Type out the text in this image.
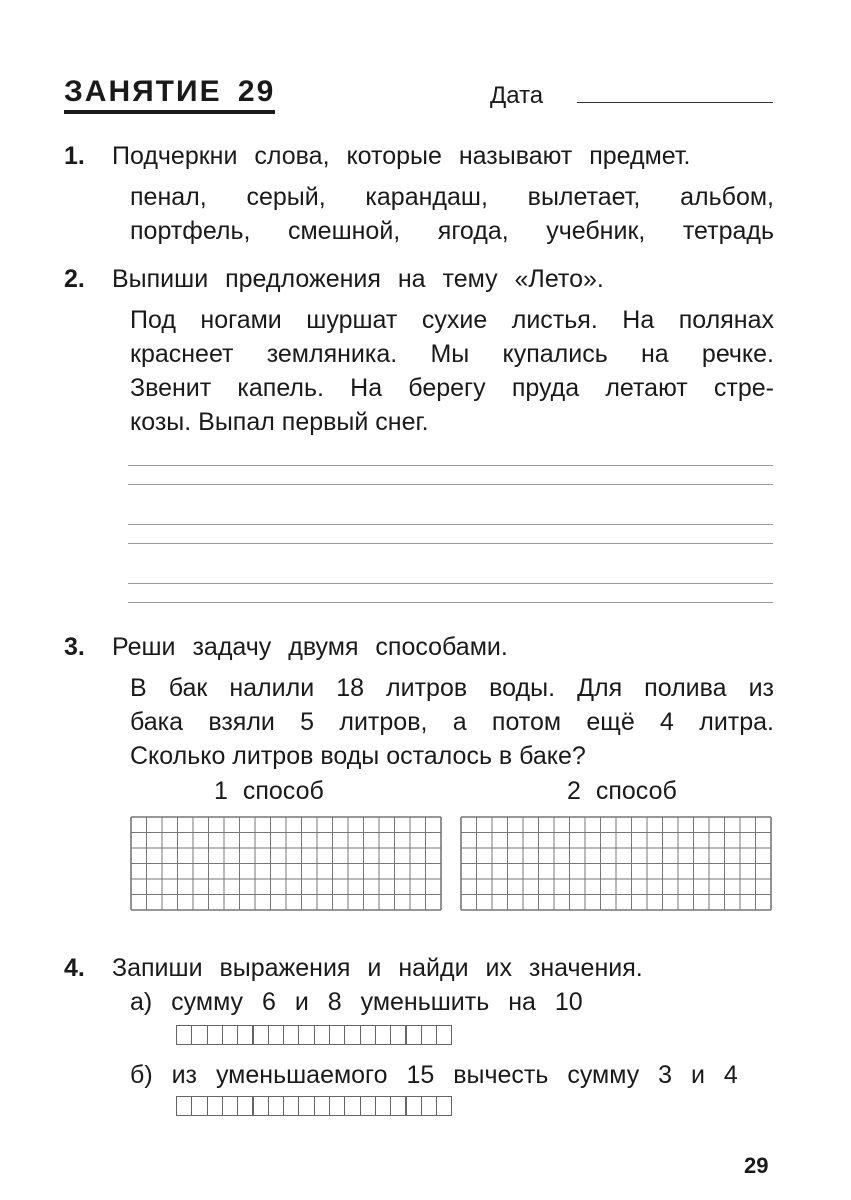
ЗАНЯТИЕ 29	Дата
1. Подчеркни слова, которые называют предмет.
пенал, серый, карандаш, вылетает, альбом,
портфель, смешной, ягода, учебник, тетрадь
2. Выпиши предложения на тему «Лето».
Под ногами шуршат сухие листья. На полянах
краснеет земляника. Мы купались на речке.
Звенит капель. На берегу пруда летают стре-
козы. Выпал первый снег.
3. Реши задачу двумя способами.
В бак налили 18 литров воды. Для полива из
бака взяли 5 литров, а потом ещё 4 литра.
Сколько литров воды осталось в баке?
1 способ	2 способ
4. Запиши выражения и найди их значения.
а) сумму 6 и 8 уменьшить на 10
б) из уменьшаемого 15 вычесть сумму 3 и 4
29
